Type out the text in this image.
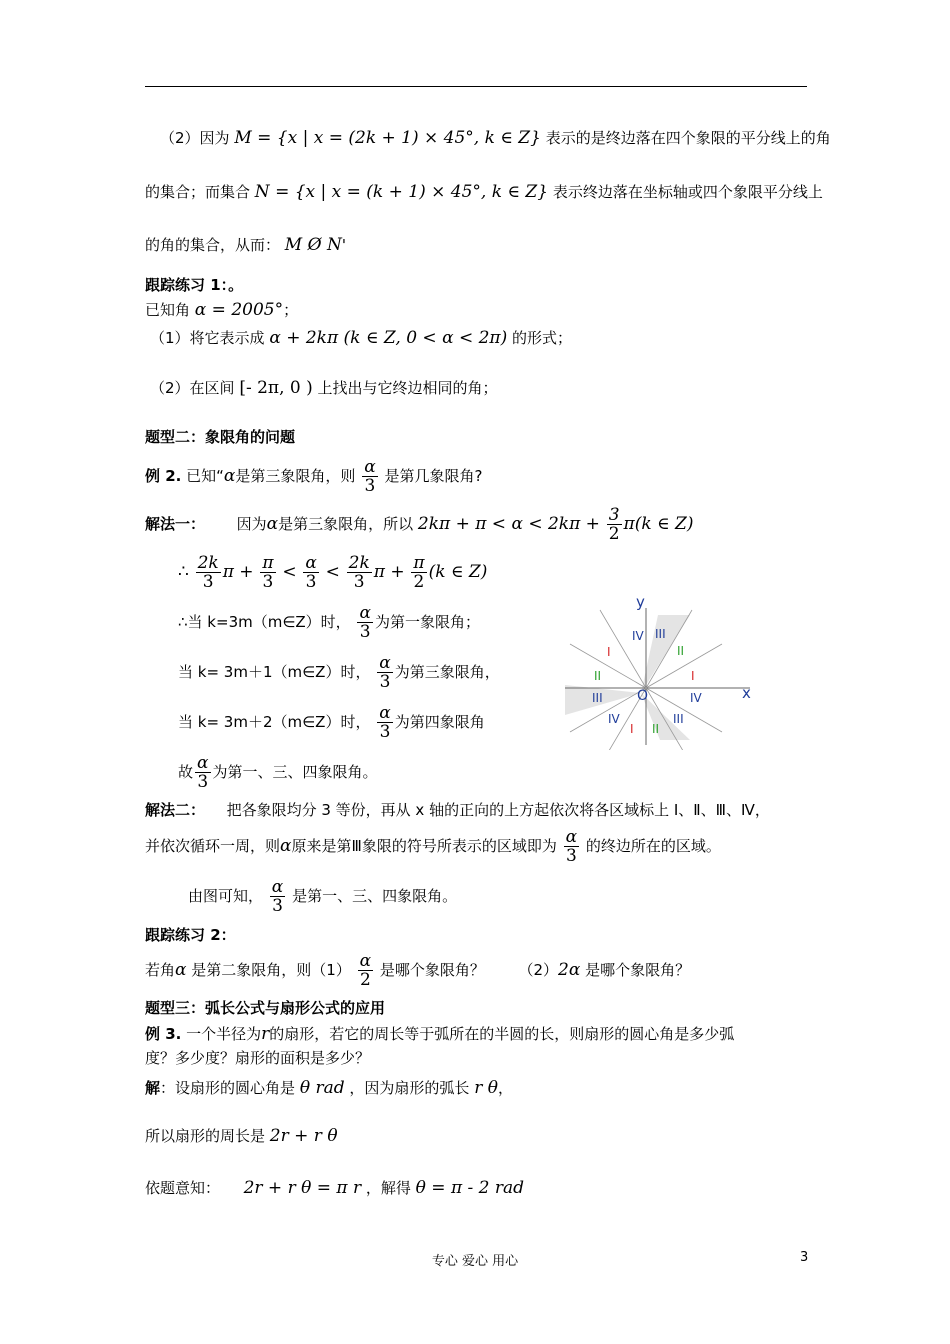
（2）因为 M = {x | x = (2k + 1) × 45°, k ∈ Z} 表示的是终边落在四个象限的平分线上的角
的集合；而集合 N = {x | x = (k + 1) × 45°, k ∈ Z} 表示终边落在坐标轴或四个象限平分线上
的角的集合，从而： M Ø N'
跟踪练习 1：。
已知角 α = 2005°；
（1）将它表示成 α + 2kπ (k ∈ Z, 0 < α < 2π) 的形式；
（2）在区间 [- 2π, 0 ) 上找出与它终边相同的角；
题型二：象限角的问题
例 2. 已知“α是第三象限角，则 $\frac{\alpha}{3}$ 是第几象限角?
解法一： 因为α是第三象限角，所以 $2k\pi + \pi < \alpha < 2k\pi + \frac{3}{2} \pi(k$ ∈ Z)
∴ $\frac{2k}{3}$ $\pi + \frac{\pi}{3} < \frac{\alpha}{3} < \frac{2k}{3}$ $\pi + \frac{\pi}{2} (k$ ∈ Z)
∴当 k=3m（m∈Z）时， $\frac{\alpha}{3}$ 为第一象限角；
当 k= 3m＋1（m∈Z）时， $\frac{\alpha}{3}$ 为第三象限角，
当 k= 3m＋2（m∈Z）时， $\frac{\alpha}{3}$ 为第四象限角
故 $\frac{\alpha}{3}$ 为第一、三、四象限角。
y
x
O
I
II
III
IV
I
II
III
IV
I II
III
IV
解法二： 把各象限均分 3 等份，再从 x 轴的正向的上方起依次将各区域标上 I、Ⅱ、Ⅲ、Ⅳ，
并依次循环一周，则α原来是第Ⅲ象限的符号所表示的区域即为 $\frac{\alpha}{3}$ 的终边所在的区域。
由图可知， $\frac{\alpha}{3}$ 是第一、三、四象限角。
跟踪练习 2：
若角α 是第二象限角，则$(1) \frac{\alpha}{2}$ 是哪个象限角？ （2）2α 是哪个象限角？
题型三：弧长公式与扇形公式的应用
例 3. 一个半径为r的扇形，若它的周长等于弧所在的半圆的长，则扇形的圆心角是多少弧
度？多少度？扇形的面积是多少？
解：设扇形的圆心角是 θ rad ，因为扇形的弧长 r θ，
所以扇形的周长是 2r + r θ
依题意知： 2r + r θ = π r ，解得 θ = π - 2 rad
专心 爱心 用心	3
